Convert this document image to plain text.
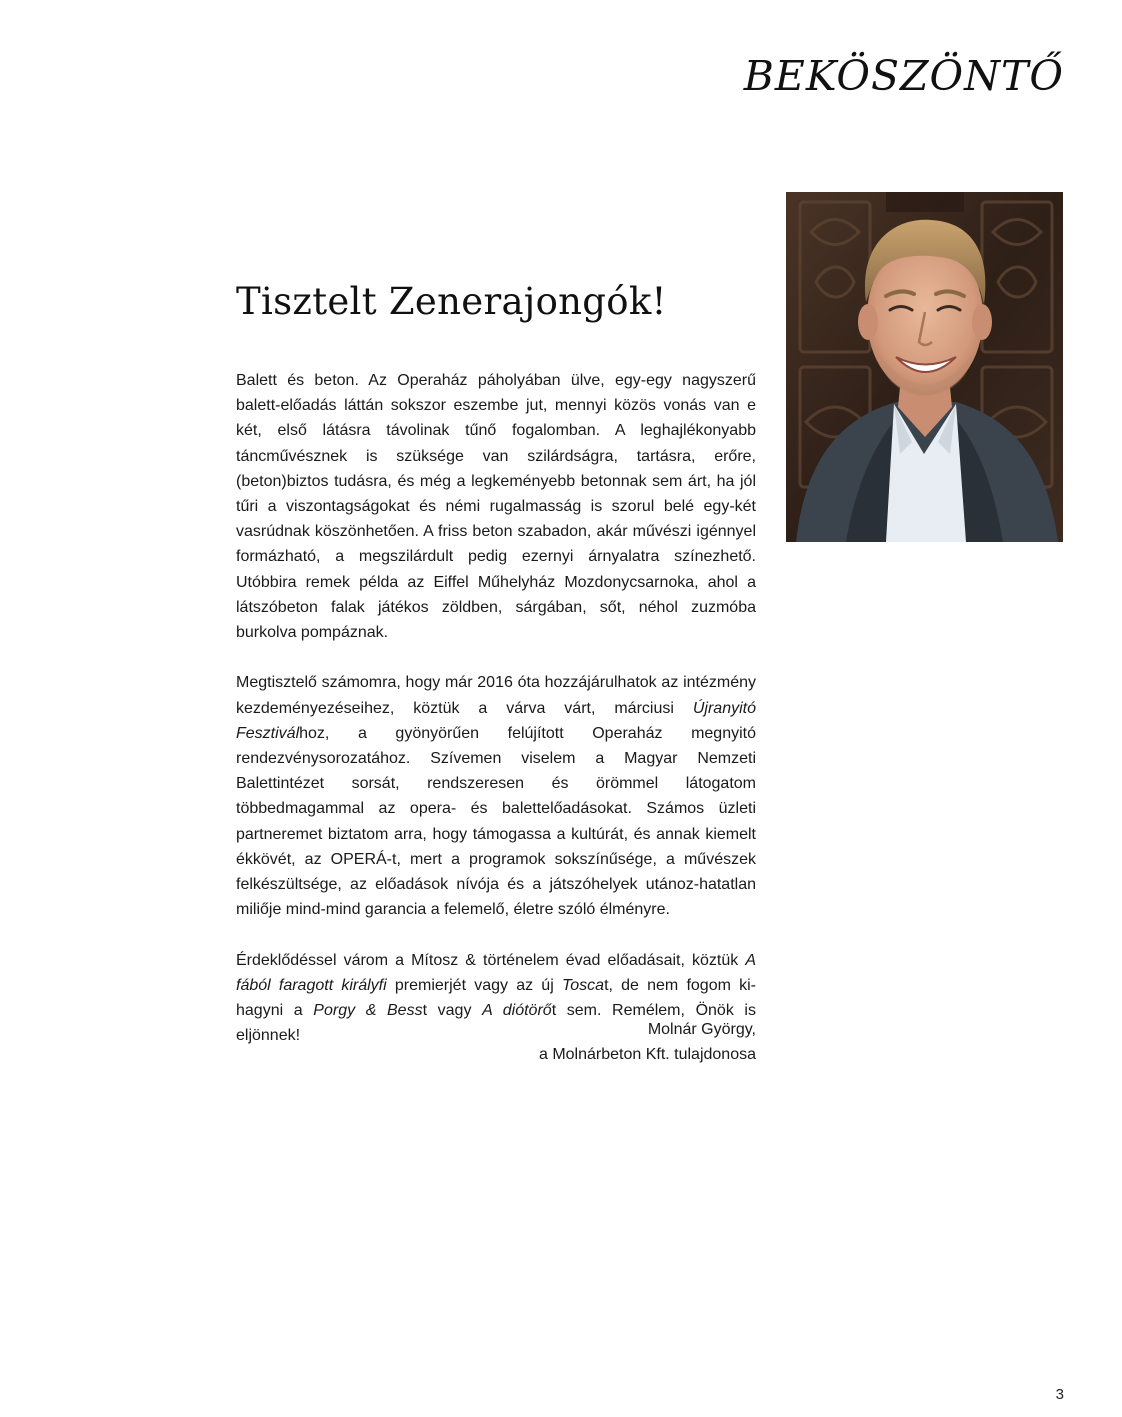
BEKÖSZÖNTŐ
Tisztelt Zenerajongók!

Balett és beton. Az Operaház páholyában ülve, egy-egy nagyszerű balett-előadás láttán sokszor eszembe jut, mennyi közös vonás van e két, első látásra távolinak tűnő fogalomban. A leghajlékonyabb táncművésznek is szüksége van szilárdságra, tartásra, erőre, (beton)biztos tudásra, és még a legkeményebb betonnak sem árt, ha jól tűri a viszontagságokat és némi rugalmasság is szorul belé egy-két vasrúdnak köszönhetően. A friss beton szabadon, akár művészi igénnyel formázható, a megszilárdult pedig ezernyi árnyalatra színezhető. Utóbbira remek példa az Eiffel Műhelyház Mozdonycsarnoka, ahol a látszóbeton falak játékos zöldben, sárgában, sőt, néhol zuzmóba burkolva pompáznak.

Megtisztelő számomra, hogy már 2016 óta hozzájárulhatok az intézmény kezdeményezéseihez, köztük a várva várt, márciusi Újranyitó Fesztiválhoz, a gyönyörűen felújított Operaház megnyitó rendezvénysorozatához. Szívemen viselem a Magyar Nemzeti Balettintézet sorsát, rendszeresen és örömmel látogatom többedmagammal az opera- és balettelőadásokat. Számos üzleti partneremet biztatom arra, hogy támogassa a kultúrát, és annak kiemelt ékkövét, az OPERÁ-t, mert a programok sokszínűsége, a művészek felkészültsége, az előadások nívója és a játszóhelyek utánoz-hatatlan miliője mind-mind garancia a felemelő, életre szóló élményre.

Érdeklődéssel várom a Mítosz & történelem évad előadásait, köztük A fából faragott királyfi premierjét vagy az új Toscat, de nem fogom ki-hagyni a Porgy & Besst vagy A diótörőt sem. Remélem, Önök is eljönnek!	Molnár György,
a Molnárbeton Kft. tulajdonosa
3
